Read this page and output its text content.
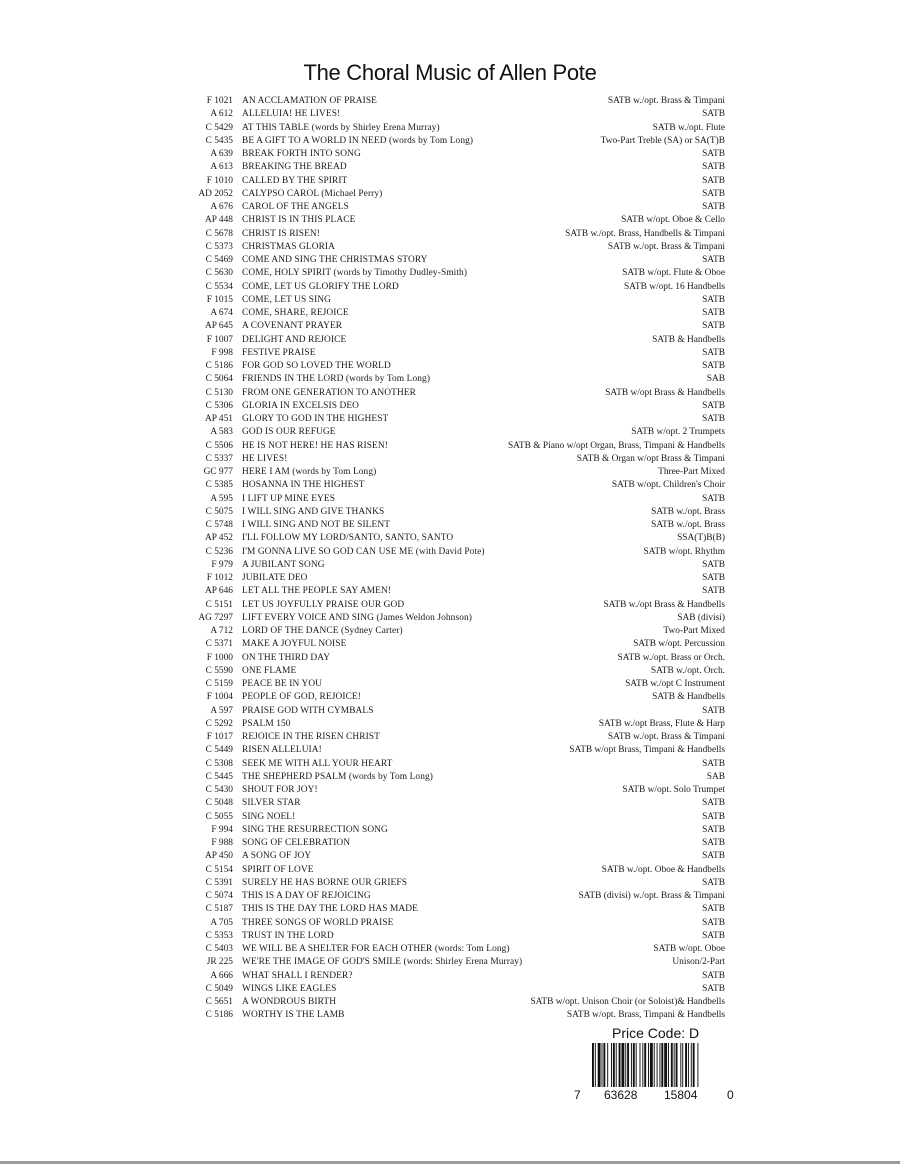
The Choral Music of Allen Pote
F 1021 AN ACCLAMATION OF PRAISE	SATB w./opt. Brass & Timpani
A 612 ALLELUIA! HE LIVES!	SATB
C 5429 AT THIS TABLE (words by Shirley Erena Murray)	SATB w./opt. Flute
C 5435 BE A GIFT TO A WORLD IN NEED (words by Tom Long)	Two-Part Treble (SA) or SA(T)B
A 639 BREAK FORTH INTO SONG	SATB
A 613 BREAKING THE BREAD	SATB
F 1010 CALLED BY THE SPIRIT	SATB
AD 2052 CALYPSO CAROL (Michael Perry)	SATB
A 676 CAROL OF THE ANGELS	SATB
AP 448 CHRIST IS IN THIS PLACE	SATB w/opt. Oboe & Cello
C 5678 CHRIST IS RISEN!	SATB w./opt. Brass, Handbells & Timpani
C 5373 CHRISTMAS GLORIA	SATB w./opt. Brass & Timpani
C 5469 COME AND SING THE CHRISTMAS STORY	SATB
C 5630 COME, HOLY SPIRIT (words by Timothy Dudley-Smith)	SATB w/opt. Flute & Oboe
C 5534 COME, LET US GLORIFY THE LORD	SATB w/opt. 16 Handbells
F 1015 COME, LET US SING	SATB
A 674 COME, SHARE, REJOICE	SATB
AP 645 A COVENANT PRAYER	SATB
F 1007 DELIGHT AND REJOICE	SATB & Handbells
F 998 FESTIVE PRAISE	SATB
C 5186 FOR GOD SO LOVED THE WORLD	SATB
C 5064 FRIENDS IN THE LORD (words by Tom Long)	SAB
C 5130 FROM ONE GENERATION TO ANOTHER	SATB w/opt Brass & Handbells
C 5306 GLORIA IN EXCELSIS DEO	SATB
AP 451 GLORY TO GOD IN THE HIGHEST	SATB
A 583 GOD IS OUR REFUGE	SATB w/opt. 2 Trumpets
C 5506 HE IS NOT HERE! HE HAS RISEN!	SATB & Piano w/opt Organ, Brass, Timpani & Handbells
C 5337 HE LIVES!	SATB & Organ w/opt Brass & Timpani
GC 977 HERE I AM (words by Tom Long)	Three-Part Mixed
C 5385 HOSANNA IN THE HIGHEST	SATB w/opt. Children's Choir
A 595 I LIFT UP MINE EYES	SATB
C 5075 I WILL SING AND GIVE THANKS	SATB w./opt. Brass
C 5748 I WILL SING AND NOT BE SILENT	SATB w./opt. Brass
AP 452 I'LL FOLLOW MY LORD/SANTO, SANTO, SANTO	SSA(T)B(B)
C 5236 I'M GONNA LIVE SO GOD CAN USE ME (with David Pote)	SATB w/opt. Rhythm
F 979 A JUBILANT SONG	SATB
F 1012 JUBILATE DEO	SATB
AP 646 LET ALL THE PEOPLE SAY AMEN!	SATB
C 5151 LET US JOYFULLY PRAISE OUR GOD	SATB w./opt Brass & Handbells
AG 7297 LIFT EVERY VOICE AND SING (James Weldon Johnson)	SAB (divisi)
A 712 LORD OF THE DANCE (Sydney Carter)	Two-Part Mixed
C 5371 MAKE A JOYFUL NOISE	SATB w/opt. Percussion
F 1000 ON THE THIRD DAY	SATB w./opt. Brass or Orch.
C 5590 ONE FLAME	SATB w./opt. Orch.
C 5159 PEACE BE IN YOU	SATB w./opt C Instrument
F 1004 PEOPLE OF GOD, REJOICE!	SATB & Handbells
A 597 PRAISE GOD WITH CYMBALS	SATB
C 5292 PSALM 150	SATB w./opt Brass, Flute & Harp
F 1017 REJOICE IN THE RISEN CHRIST	SATB w./opt. Brass & Timpani
C 5449 RISEN ALLELUIA!	SATB w/opt Brass, Timpani & Handbells
C 5308 SEEK ME WITH ALL YOUR HEART	SATB
C 5445 THE SHEPHERD PSALM (words by Tom Long)	SAB
C 5430 SHOUT FOR JOY!	SATB w/opt. Solo Trumpet
C 5048 SILVER STAR	SATB
C 5055 SING NOEL!	SATB
F 994 SING THE RESURRECTION SONG	SATB
F 988 SONG OF CELEBRATION	SATB
AP 450 A SONG OF JOY	SATB
C 5154 SPIRIT OF LOVE	SATB w./opt. Oboe & Handbells
C 5391 SURELY HE HAS BORNE OUR GRIEFS	SATB
C 5074 THIS IS A DAY OF REJOICING	SATB (divisi) w./opt. Brass & Timpani
C 5187 THIS IS THE DAY THE LORD HAS MADE	SATB
A 705 THREE SONGS OF WORLD PRAISE	SATB
C 5353 TRUST IN THE LORD	SATB
C 5403 WE WILL BE A SHELTER FOR EACH OTHER (words: Tom Long)	SATB w/opt. Oboe
JR 225 WE'RE THE IMAGE OF GOD'S SMILE (words: Shirley Erena Murray)	Unison/2-Part
A 666 WHAT SHALL I RENDER?	SATB
C 5049 WINGS LIKE EAGLES	SATB
C 5651 A WONDROUS BIRTH	SATB w/opt. Unison Choir (or Soloist)& Handbells
C 5186 WORTHY IS THE LAMB	SATB w/opt. Brass, Timpani & Handbells
Price Code: D
7 63628 15804 0
